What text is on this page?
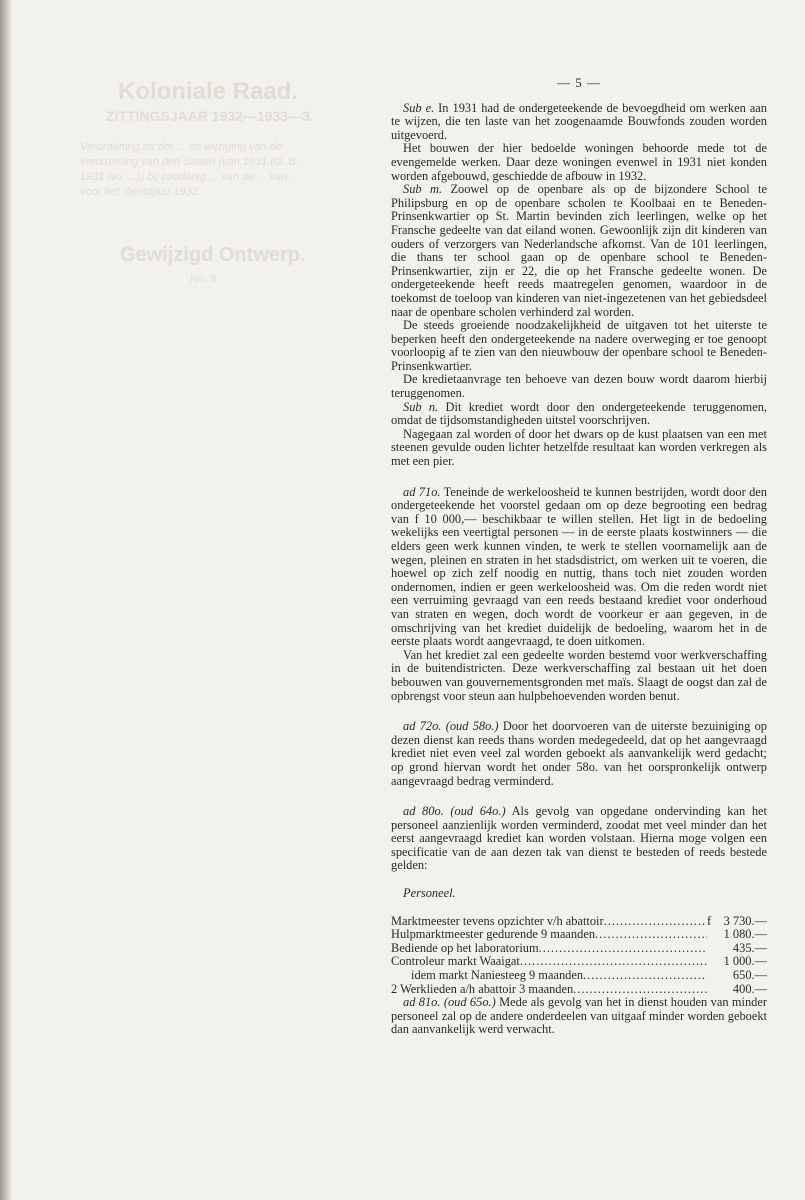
Koloniale Raad.
ZITTINGSJAAR 1932—1933—3.
Verordening tot der ... en wijziging van de verordening van den Staten (van 1931 (G. B. 1931 No. ...)) bij zoodanig ... van de ... van ... voor het dienstjaar 1932.
Gewijzigd Ontwerp.
No. 9
— 5 —

Sub e. In 1931 had de ondergeteekende de bevoegdheid om werken aan te wijzen, die ten laste van het zoogenaamde Bouwfonds zouden worden uitgevoerd.

Het bouwen der hier bedoelde woningen behoorde mede tot de evengemelde werken. Daar deze woningen evenwel in 1931 niet konden worden afgebouwd, geschiedde de afbouw in 1932.

Sub m. Zoowel op de openbare als op de bijzondere School te Philipsburg en op de openbare scholen te Koolbaai en te Beneden-Prinsenkwartier op St. Martin bevinden zich leerlingen, welke op het Fransche gedeelte van dat eiland wonen. Gewoonlijk zijn dit kinderen van ouders of verzorgers van Nederlandsche afkomst. Van de 101 leerlingen, die thans ter school gaan op de openbare school te Beneden-Prinsenkwartier, zijn er 22, die op het Fransche gedeelte wonen. De ondergeteekende heeft reeds maatregelen genomen, waardoor in de toekomst de toeloop van kinderen van niet-ingezetenen van het gebiedsdeel naar de openbare scholen verhinderd zal worden.

De steeds groeiende noodzakelijkheid de uitgaven tot het uiterste te beperken heeft den ondergeteekende na nadere overweging er toe genoopt voorloopig af te zien van den nieuwbouw der openbare school te Beneden-Prinsenkwartier.

De kredietaanvrage ten behoeve van dezen bouw wordt daarom hierbij teruggenomen.

Sub n. Dit krediet wordt door den ondergeteekende teruggenomen, omdat de tijdsomstandigheden uitstel voorschrijven.

Nagegaan zal worden of door het dwars op de kust plaatsen van een met steenen gevulde ouden lichter hetzelfde resultaat kan worden verkregen als met een pier.

ad 71o. Teneinde de werkeloosheid te kunnen bestrijden, wordt door den ondergeteekende het voorstel gedaan om op deze begrooting een bedrag van f 10 000,— beschikbaar te willen stellen. Het ligt in de bedoeling wekelijks een veertigtal personen — in de eerste plaats kostwinners — die elders geen werk kunnen vinden, te werk te stellen voornamelijk aan de wegen, pleinen en straten in het stadsdistrict, om werken uit te voeren, die hoewel op zich zelf noodig en nuttig, thans toch niet zouden worden ondernomen, indien er geen werkeloosheid was. Om die reden wordt niet een verruiming gevraagd van een reeds bestaand krediet voor onderhoud van straten en wegen, doch wordt de voorkeur er aan gegeven, in de omschrijving van het krediet duidelijk de bedoeling, waarom het in de eerste plaats wordt aangevraagd, te doen uitkomen.

Van het krediet zal een gedeelte worden bestemd voor werkverschaffing in de buitendistricten. Deze werkverschaffing zal bestaan uit het doen bebouwen van gouvernementsgronden met maïs. Slaagt de oogst dan zal de opbrengst voor steun aan hulpbehoevenden worden benut.

ad 72o. (oud 58o.) Door het doorvoeren van de uiterste bezuiniging op dezen dienst kan reeds thans worden medegedeeld, dat op het aangevraagd krediet niet even veel zal worden geboekt als aanvankelijk werd gedacht; op grond hiervan wordt het onder 58o. van het oorspronkelijk ontwerp aangevraagd bedrag verminderd.

ad 80o. (oud 64o.) Als gevolg van opgedane ondervinding kan het personeel aanzienlijk worden verminderd, zoodat met veel minder dan het eerst aangevraagd krediet kan worden volstaan. Hierna moge volgen een specificatie van de aan dezen tak van dienst te besteden of reeds bestede gelden:

Personeel.

Marktmeester tevens opzichter v/h abattoir .....	f	3 730.—
Hulpmarktmeester gedurende 9 maanden .....	1 080.—
Bediende op het laboratorium .....	435.—
Controleur markt Waaigat .....	1 000.—
idem markt Naniesteeg 9 maanden .....	650.—
2 Werklieden a/h abattoir 3 maanden .....	400.—

ad 81o. (oud 65o.) Mede als gevolg van het in dienst houden van minder personeel zal op de andere onderdeelen van uitgaaf minder worden geboekt dan aanvankelijk werd verwacht.
